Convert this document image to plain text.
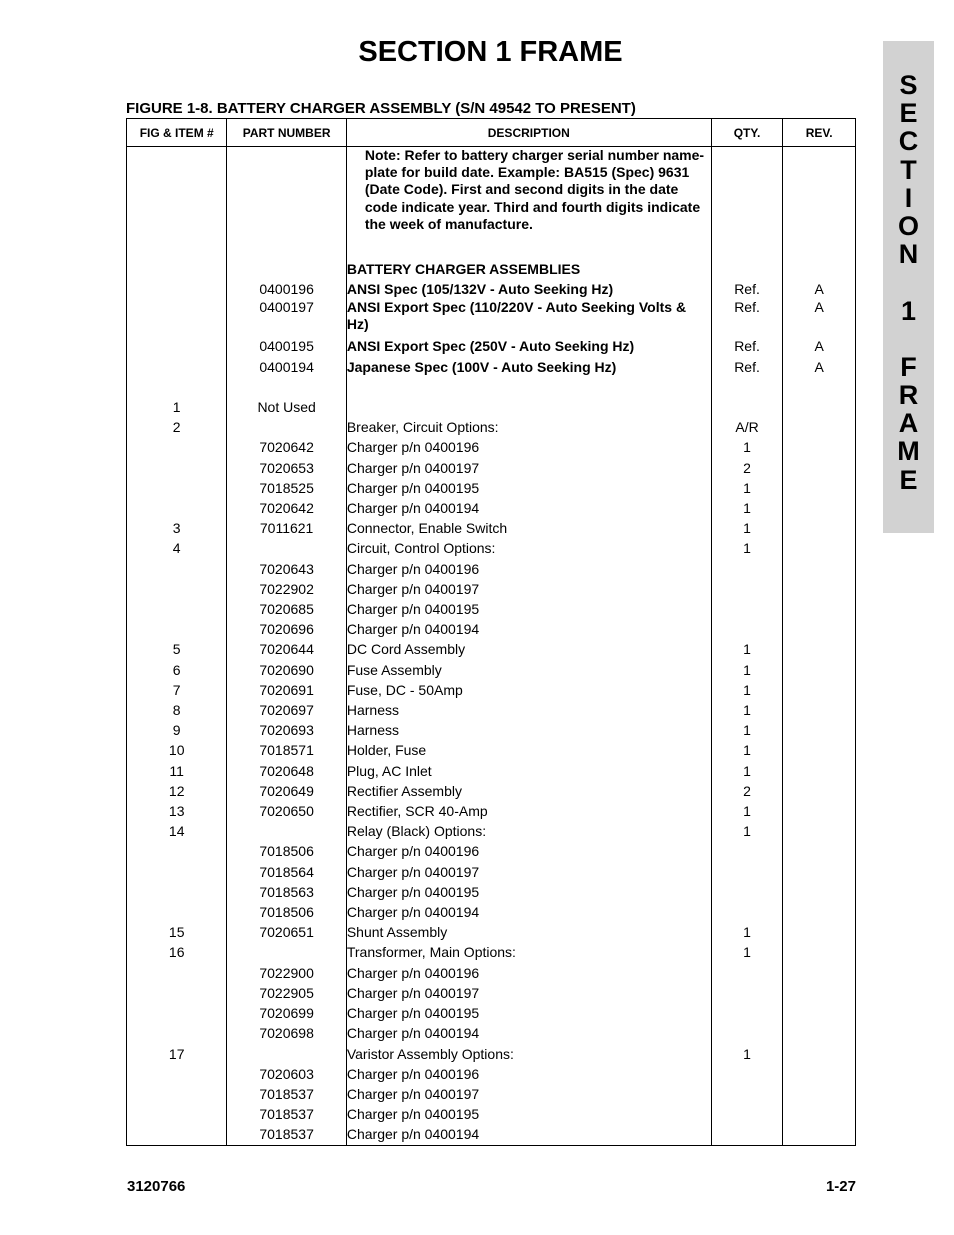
SECTION 1 FRAME
S
E
C
T
I
O
N
1
F
R
A
M
E
FIGURE 1-8. BATTERY CHARGER ASSEMBLY (S/N 49542 TO PRESENT)
FIG & ITEM #	PART NUMBER	DESCRIPTION	QTY.	REV.

		Note: Refer to battery charger serial number name-plate for build date. Example: BA515 (Spec) 9631 (Date Code). First and second digits in the date code indicate year. Third and fourth digits indicate the week of manufacture.		

		BATTERY CHARGER ASSEMBLIES		
	0400196	ANSI Spec (105/132V - Auto Seeking Hz)	Ref.	A
	0400197	ANSI Export Spec (110/220V - Auto Seeking Volts & Hz)	Ref.	A
	0400195	ANSI Export Spec (250V - Auto Seeking Hz)	Ref.	A
	0400194	Japanese Spec (100V - Auto Seeking Hz)	Ref.	A

1	Not Used			
2		Breaker, Circuit Options:	A/R	
	7020642	Charger p/n 0400196	1	
	7020653	Charger p/n 0400197	2	
	7018525	Charger p/n 0400195	1	
	7020642	Charger p/n 0400194	1	
3	7011621	Connector, Enable Switch	1	
4		Circuit, Control Options:	1	
	7020643	Charger p/n 0400196		
	7022902	Charger p/n 0400197		
	7020685	Charger p/n 0400195		
	7020696	Charger p/n 0400194		
5	7020644	DC Cord Assembly	1	
6	7020690	Fuse Assembly	1	
7	7020691	Fuse, DC - 50Amp	1	
8	7020697	Harness	1	
9	7020693	Harness	1	
10	7018571	Holder, Fuse	1	
11	7020648	Plug, AC Inlet	1	
12	7020649	Rectifier Assembly	2	
13	7020650	Rectifier, SCR 40-Amp	1	
14		Relay (Black) Options:	1	
	7018506	Charger p/n 0400196		
	7018564	Charger p/n 0400197		
	7018563	Charger p/n 0400195		
	7018506	Charger p/n 0400194		
15	7020651	Shunt Assembly	1	
16		Transformer, Main Options:	1	
	7022900	Charger p/n 0400196		
	7022905	Charger p/n 0400197		
	7020699	Charger p/n 0400195		
	7020698	Charger p/n 0400194		
17		Varistor Assembly Options:	1	
	7020603	Charger p/n 0400196		
	7018537	Charger p/n 0400197		
	7018537	Charger p/n 0400195		
	7018537	Charger p/n 0400194		
3120766	1-27
